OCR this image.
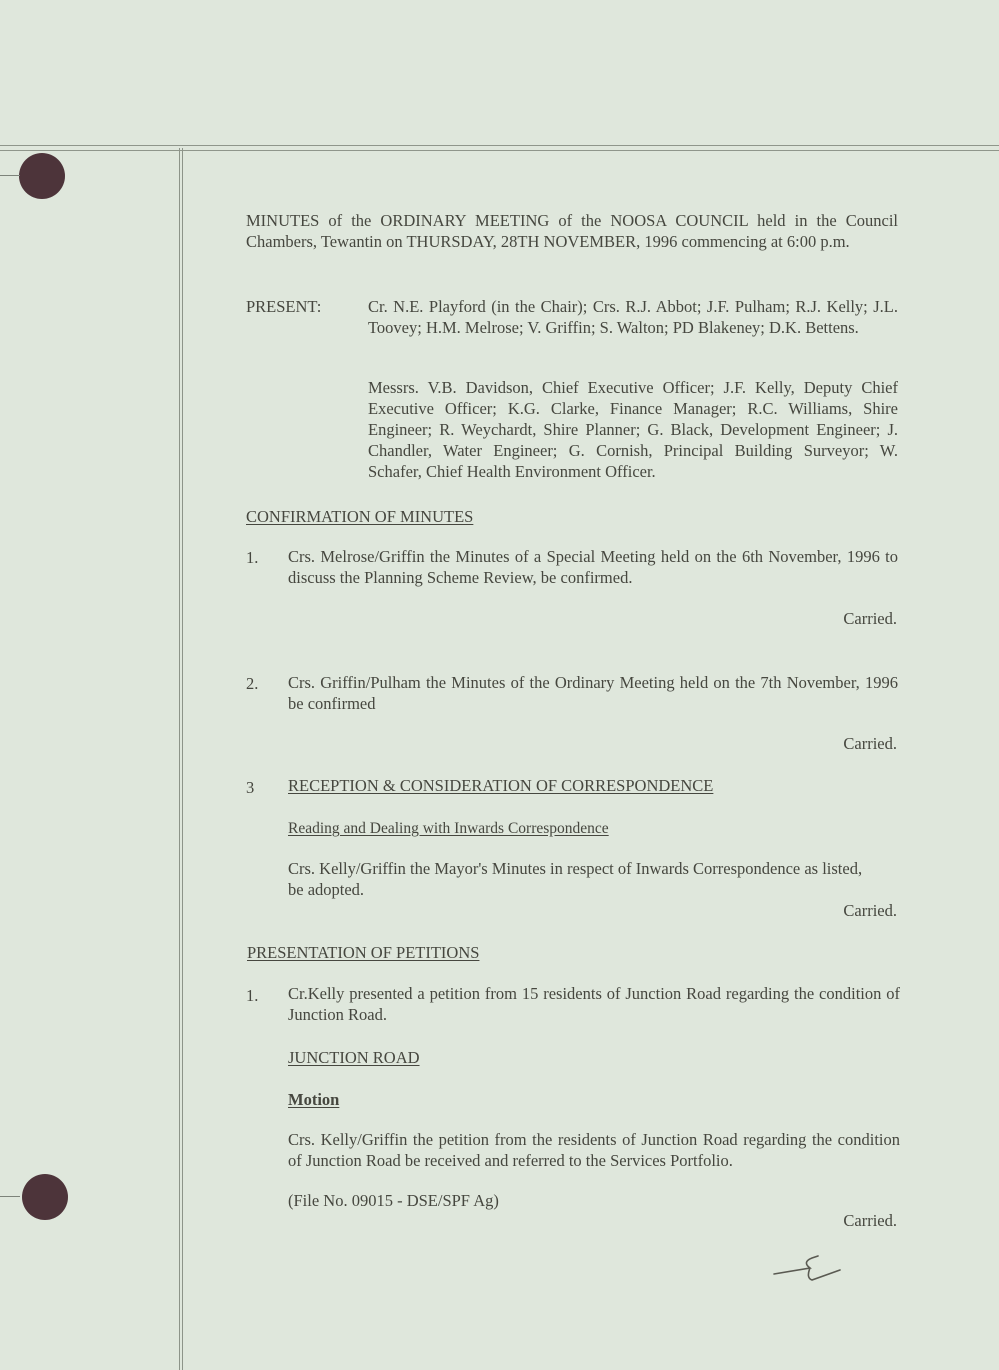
MINUTES of the ORDINARY MEETING of the NOOSA COUNCIL held in the Council Chambers, Tewantin on THURSDAY, 28TH NOVEMBER, 1996 commencing at 6:00 p.m.
PRESENT:	Cr. N.E. Playford (in the Chair); Crs. R.J. Abbot; J.F. Pulham; R.J. Kelly; J.L. Toovey; H.M. Melrose; V. Griffin; S. Walton; PD Blakeney; D.K. Bettens.
Messrs. V.B. Davidson, Chief Executive Officer; J.F. Kelly, Deputy Chief Executive Officer; K.G. Clarke, Finance Manager; R.C. Williams, Shire Engineer; R. Weychardt, Shire Planner; G. Black, Development Engineer; J. Chandler, Water Engineer; G. Cornish, Principal Building Surveyor; W. Schafer, Chief Health Environment Officer.
CONFIRMATION OF MINUTES
1. Crs. Melrose/Griffin the Minutes of a Special Meeting held on the 6th November, 1996 to discuss the Planning Scheme Review, be confirmed.
Carried.
2. Crs. Griffin/Pulham the Minutes of the Ordinary Meeting held on the 7th November, 1996 be confirmed
Carried.
3 RECEPTION & CONSIDERATION OF CORRESPONDENCE
Reading and Dealing with Inwards Correspondence
Crs. Kelly/Griffin the Mayor's Minutes in respect of Inwards Correspondence as listed, be adopted.
Carried.
PRESENTATION OF PETITIONS
1. Cr.Kelly presented a petition from 15 residents of Junction Road regarding the condition of Junction Road.
JUNCTION ROAD
Motion
Crs. Kelly/Griffin the petition from the residents of Junction Road regarding the condition of Junction Road be received and referred to the Services Portfolio.
(File No. 09015 - DSE/SPF Ag)
Carried.
